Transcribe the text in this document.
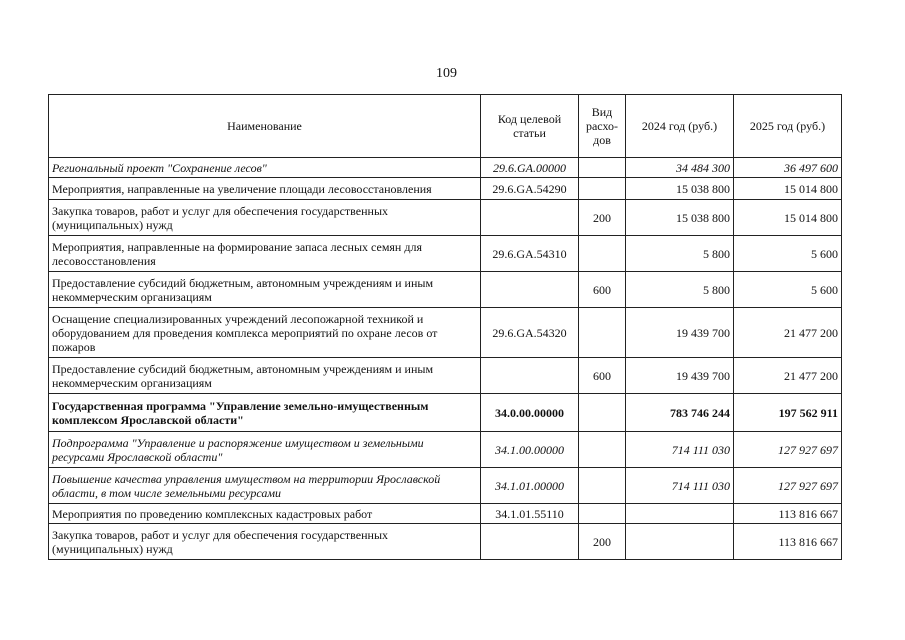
109
Наименование	Код целевой статьи	Вид расхо-дов	2024 год (руб.)	2025 год (руб.)
Региональный проект "Сохранение лесов"	29.6.GA.00000		34 484 300	36 497 600
Мероприятия, направленные на увеличение площади лесовосстановления	29.6.GA.54290		15 038 800	15 014 800
Закупка товаров, работ и услуг для обеспечения государственных (муниципальных) нужд		200	15 038 800	15 014 800
Мероприятия, направленные на формирование запаса лесных семян для лесовосстановления	29.6.GA.54310		5 800	5 600
Предоставление субсидий бюджетным, автономным учреждениям и иным некоммерческим организациям		600	5 800	5 600
Оснащение специализированных учреждений лесопожарной техникой и оборудованием для проведения комплекса мероприятий по охране лесов от пожаров	29.6.GA.54320		19 439 700	21 477 200
Предоставление субсидий бюджетным, автономным учреждениям и иным некоммерческим организациям		600	19 439 700	21 477 200
Государственная программа "Управление земельно-имущественным комплексом Ярославской области"	34.0.00.00000		783 746 244	197 562 911
Подпрограмма "Управление и распоряжение имуществом и земельными ресурсами Ярославской области"	34.1.00.00000		714 111 030	127 927 697
Повышение качества управления имуществом на территории Ярославской области, в том числе земельными ресурсами	34.1.01.00000		714 111 030	127 927 697
Мероприятия по проведению комплексных кадастровых работ	34.1.01.55110			113 816 667
Закупка товаров, работ и услуг для обеспечения государственных (муниципальных) нужд		200		113 816 667
